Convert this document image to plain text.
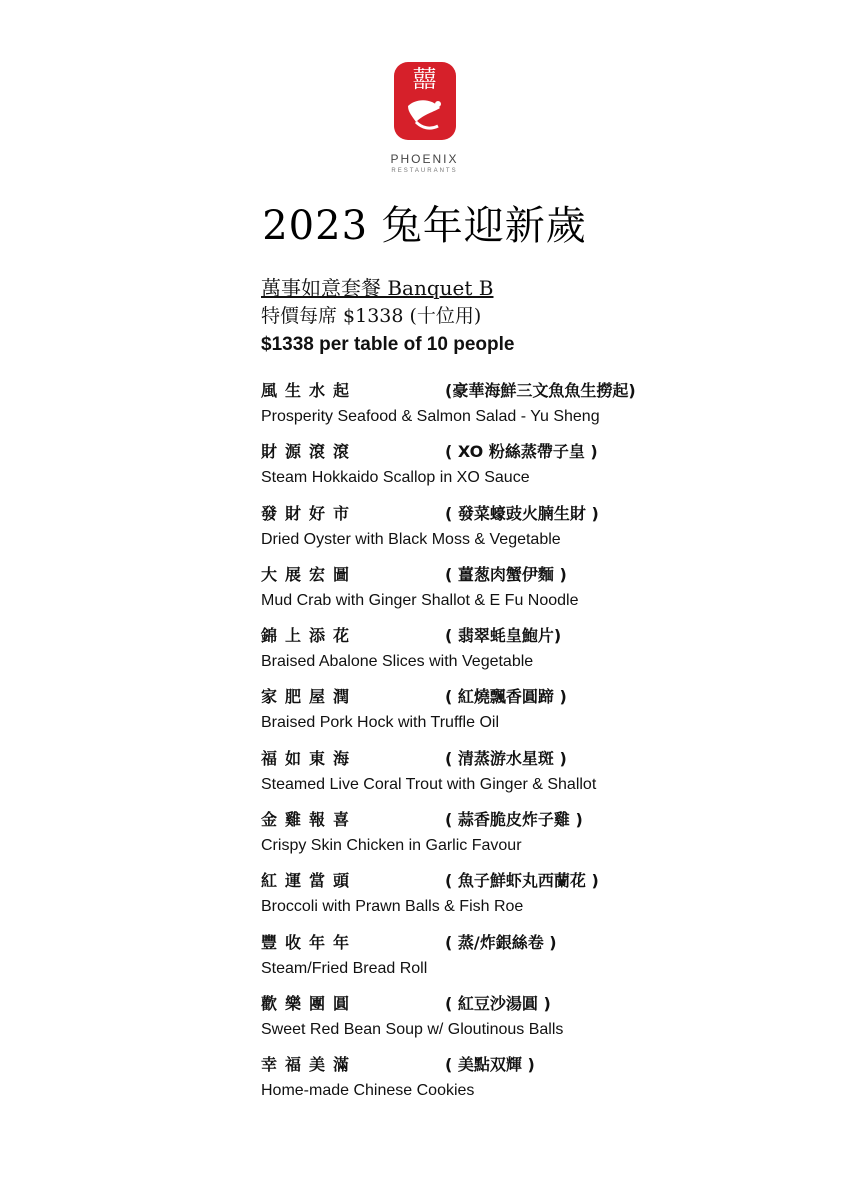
囍
PHOENIX
RESTAURANTS
2023 兔年迎新歲
萬事如意套餐 Banquet B
特價每席 $1338 (十位用)
$1338 per table of 10 people
風生水起	(豪華海鮮三文魚魚生撈起)
Prosperity Seafood & Salmon Salad - Yu Sheng
財源滾滾	( XO 粉絲蒸帶子皇 )
Steam Hokkaido Scallop in XO Sauce
發財好市	( 發菜蠔豉火腩生財 )
Dried Oyster with Black Moss & Vegetable
大展宏圖	( 薑葱肉蟹伊麵 )
Mud Crab with Ginger Shallot & E Fu Noodle
錦上添花	( 翡翠蚝皇鮑片)
Braised Abalone Slices with Vegetable
家肥屋潤	( 紅燒飄香圓蹄 )
Braised Pork Hock with Truffle Oil
福如東海	( 清蒸游水星斑 )
Steamed Live Coral Trout with Ginger & Shallot
金雞報喜	( 蒜香脆皮炸子雞 )
Crispy Skin Chicken in Garlic Favour
紅運當頭	( 魚子鮮虾丸西蘭花 )
Broccoli with Prawn Balls & Fish Roe
豐收年年	( 蒸/炸銀絲卷 )
Steam/Fried Bread Roll
歡樂團圓	( 紅豆沙湯圓 )
Sweet Red Bean Soup w/ Gloutinous Balls
幸福美滿	( 美點双輝 )
Home-made Chinese Cookies
